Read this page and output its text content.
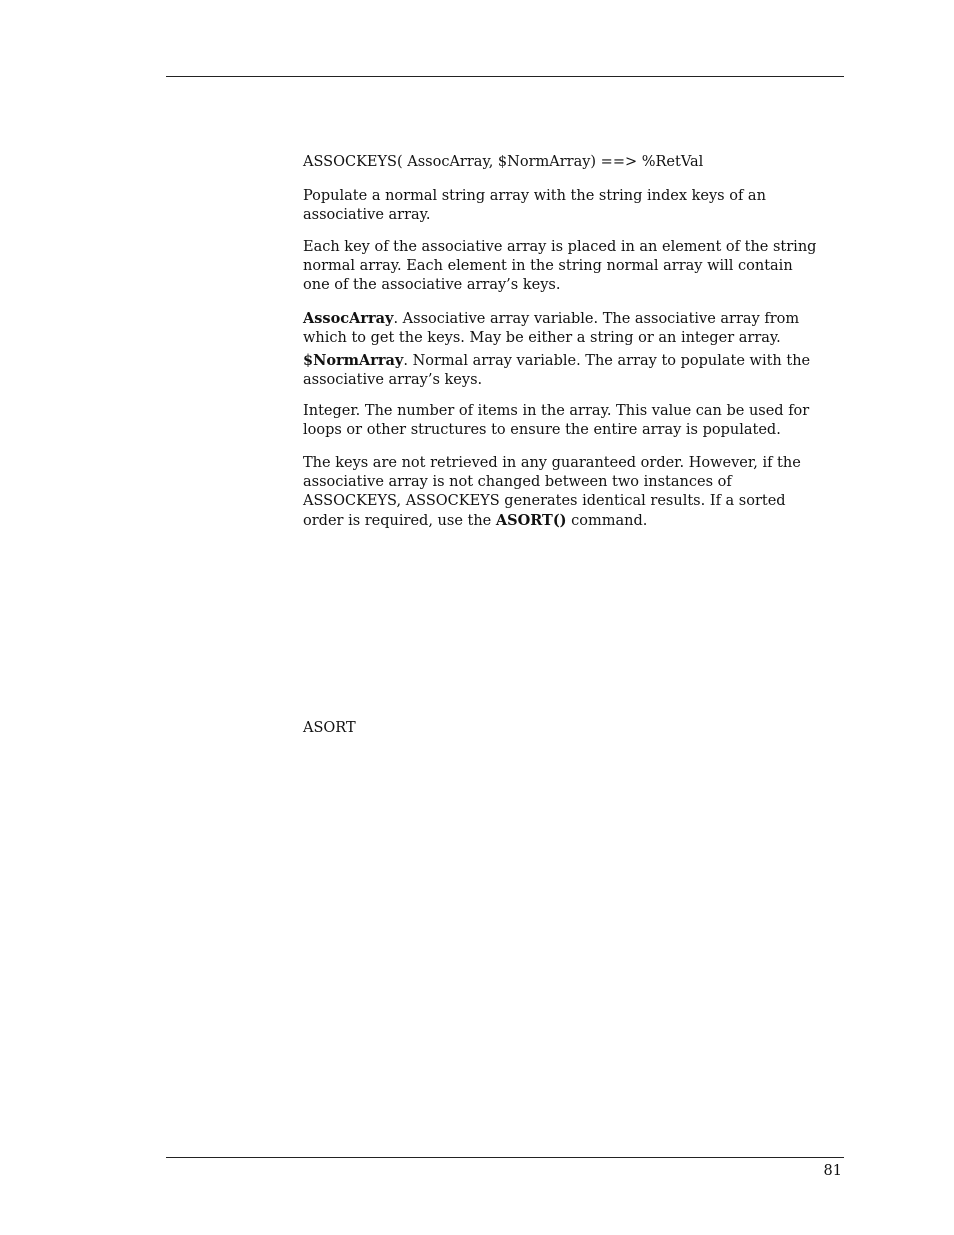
ASSOCKEYS( AssocArray, $NormArray) ==> %RetVal

Populate a normal string array with the string index keys of an associative array.

Each key of the associative array is placed in an element of the string normal array. Each element in the string normal array will contain one of the associative array’s keys.

AssocArray. Associative array variable. The associative array from which to get the keys. May be either a string or an integer array.

$NormArray. Normal array variable. The array to populate with the associative array’s keys.

Integer. The number of items in the array. This value can be used for loops or other structures to ensure the entire array is populated.

The keys are not retrieved in any guaranteed order. However, if the associative array is not changed between two instances of ASSOCKEYS, ASSOCKEYS generates identical results. If a sorted order is required, use the ASORT() command.

ASORT

81
